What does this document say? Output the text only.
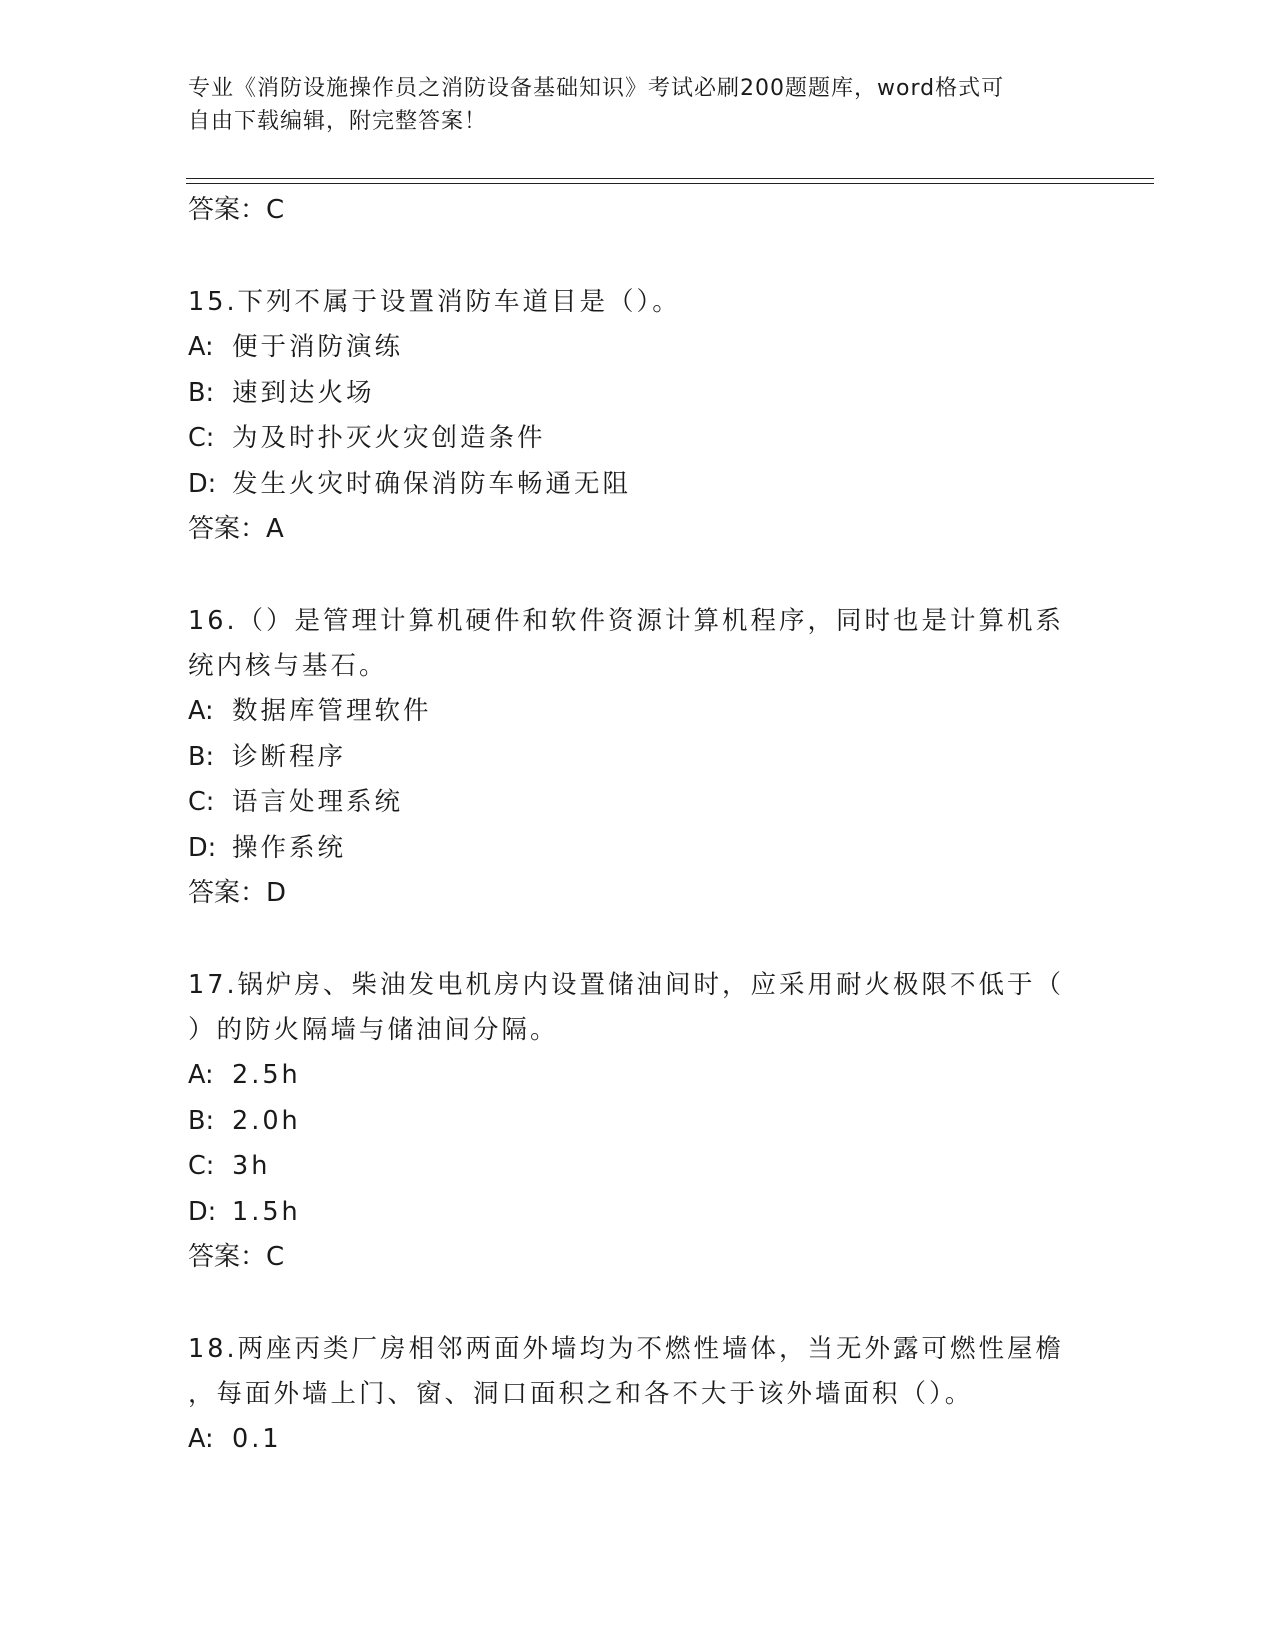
专业《消防设施操作员之消防设备基础知识》考试必刷200题题库，word格式可
自由下载编辑，附完整答案！
答案：C
15.下列不属于设置消防车道目是（）。
A: 便于消防演练
B: 速到达火场
C: 为及时扑灭火灾创造条件
D: 发生火灾时确保消防车畅通无阻
答案：A
16.（）是管理计算机硬件和软件资源计算机程序，同时也是计算机系
统内核与基石。
A: 数据库管理软件
B: 诊断程序
C: 语言处理系统
D: 操作系统
答案：D
17.锅炉房、柴油发电机房内设置储油间时，应采用耐火极限不低于（
）的防火隔墙与储油间分隔。
A: 2.5h
B: 2.0h
C: 3h
D: 1.5h
答案：C
18.两座丙类厂房相邻两面外墙均为不燃性墙体，当无外露可燃性屋檐
，每面外墙上门、窗、洞口面积之和各不大于该外墙面积（）。
A: 0.1
